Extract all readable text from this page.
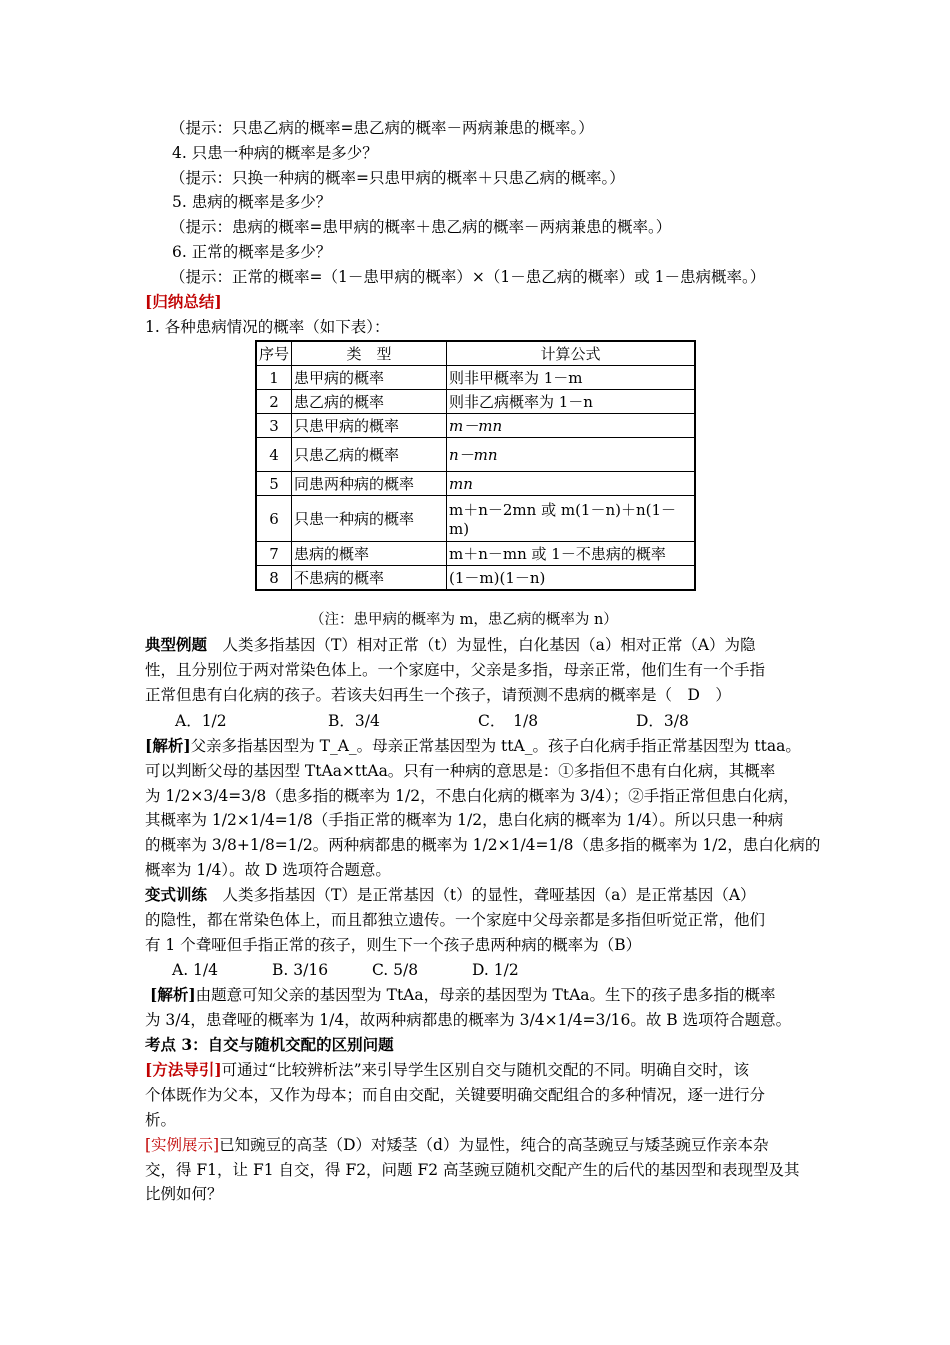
（提示：只患乙病的概率=患乙病的概率－两病兼患的概率。）
4. 只患一种病的概率是多少？
（提示：只换一种病的概率=只患甲病的概率＋只患乙病的概率。）
5. 患病的概率是多少？
（提示：患病的概率=患甲病的概率＋患乙病的概率－两病兼患的概率。）
6. 正常的概率是多少？
（提示：正常的概率=（1－患甲病的概率）×（1－患乙病的概率）或 1－患病概率。）
[归纳总结]
1. 各种患病情况的概率（如下表）：
序号	类　型	计算公式
1	患甲病的概率	则非甲概率为 1－m
2	患乙病的概率	则非乙病概率为 1－n
3	只患甲病的概率	m－mn
4	只患乙病的概率	n－mn
5	同患两种病的概率	mn
6	只患一种病的概率	m＋n－2mn 或 m(1－n)＋n(1－m)
7	患病的概率	m＋n－mn 或 1－不患病的概率
8	不患病的概率	(1－m)(1－n)
（注：患甲病的概率为 m，患乙病的概率为 n）
典型例题　 人类多指基因（T）相对正常（t）为显性，白化基因（a）相对正常（A）为隐
性，且分别位于两对常染色体上。一个家庭中，父亲是多指，母亲正常，他们生有一个手指
正常但患有白化病的孩子。若该夫妇再生一个孩子，请预测不患病的概率是（　D　）
A．1/2	B．3/4	C．　1/8	D．3/8
[解析]父亲多指基因型为 T_A_。母亲正常基因型为 ttA_。孩子白化病手指正常基因型为 ttaa。
可以判断父母的基因型 TtAa×ttAa。只有一种病的意思是：①多指但不患有白化病，其概率
为 1/2×3/4=3/8（患多指的概率为 1/2，不患白化病的概率为 3/4）；②手指正常但患白化病，
其概率为 1/2×1/4=1/8（手指正常的概率为 1/2，患白化病的概率为 1/4）。所以只患一种病
的概率为 3/8+1/8=1/2。两种病都患的概率为 1/2×1/4=1/8（患多指的概率为 1/2，患白化病的
概率为 1/4）。故 D 选项符合题意。
变式训练　 人类多指基因（T）是正常基因（t）的显性，聋哑基因（a）是正常基因（A）
的隐性，都在常染色体上，而且都独立遗传。一个家庭中父母亲都是多指但听觉正常，他们
有 1 个聋哑但手指正常的孩子，则生下一个孩子患两种病的概率为（B）
A. 1/4	B. 3/16	C. 5/8	D. 1/2
[解析]由题意可知父亲的基因型为 TtAa，母亲的基因型为 TtAa。生下的孩子患多指的概率
为 3/4，患聋哑的概率为 1/4，故两种病都患的概率为 3/4×1/4=3/16。故 B 选项符合题意。
考点 3：自交与随机交配的区别问题
[方法导引]可通过“比较辨析法”来引导学生区别自交与随机交配的不同。明确自交时，该
个体既作为父本，又作为母本；而自由交配，关键要明确交配组合的多种情况，逐一进行分
析。
[实例展示]已知豌豆的高茎（D）对矮茎（d）为显性，纯合的高茎豌豆与矮茎豌豆作亲本杂
交，得 F1，让 F1 自交，得 F2，问题 F2 高茎豌豆随机交配产生的后代的基因型和表现型及其
比例如何？
